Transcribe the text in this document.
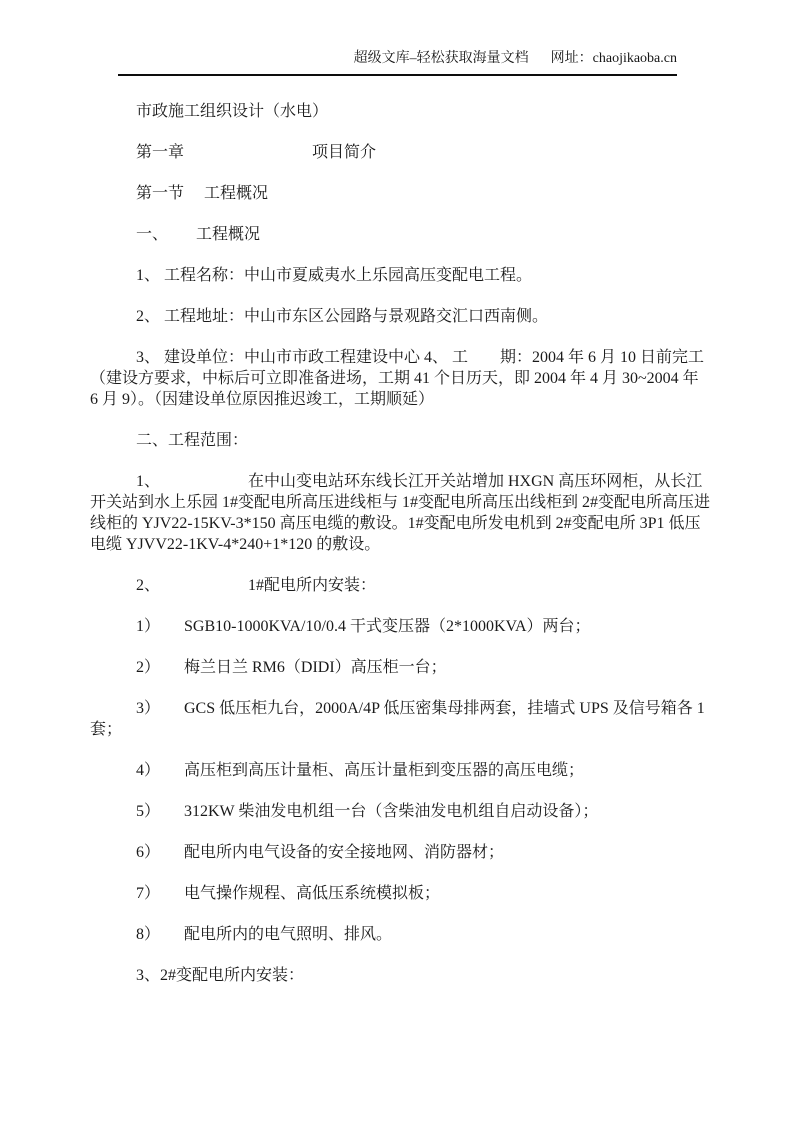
超级文库–轻松获取海量文档 网址：chaojikaoba.cn

市政施工组织设计（水电）

第一章　　　　　　　　项目简介

第一节　 工程概况

一、　　 工程概况

1、 工程名称：中山市夏威夷水上乐园高压变配电工程。

2、 工程地址：中山市东区公园路与景观路交汇口西南侧。

3、 建设单位：中山市市政工程建设中心 4、 工　　期：2004 年 6 月 10 日前完工（建设方要求，中标后可立即准备进场，工期 41 个日历天，即 2004 年 4 月 30~2004 年 6 月 9）。（因建设单位原因推迟竣工，工期顺延）

二、工程范围：

1、　　　　　　在中山变电站环东线长江开关站增加 HXGN 高压环网柜，从长江开关站到水上乐园 1#变配电所高压进线柜与 1#变配电所高压出线柜到 2#变配电所高压进线柜的 YJV22-15KV-3*150 高压电缆的敷设。1#变配电所发电机到 2#变配电所 3P1 低压电缆 YJVV22-1KV-4*240+1*120 的敷设。

2、　　　　　　1#配电所内安装：

1）　　SGB10-1000KVA/10/0.4 干式变压器（2*1000KVA）两台；

2）　　梅兰日兰 RM6（DIDI）高压柜一台；

3）　　GCS 低压柜九台，2000A/4P 低压密集母排两套，挂墙式 UPS 及信号箱各 1套；

4）　　高压柜到高压计量柜、高压计量柜到变压器的高压电缆；

5）　　312KW 柴油发电机组一台（含柴油发电机组自启动设备）；

6）　　配电所内电气设备的安全接地网、消防器材；

7）　　电气操作规程、高低压系统模拟板；

8）　　配电所内的电气照明、排风。

3、2#变配电所内安装：
